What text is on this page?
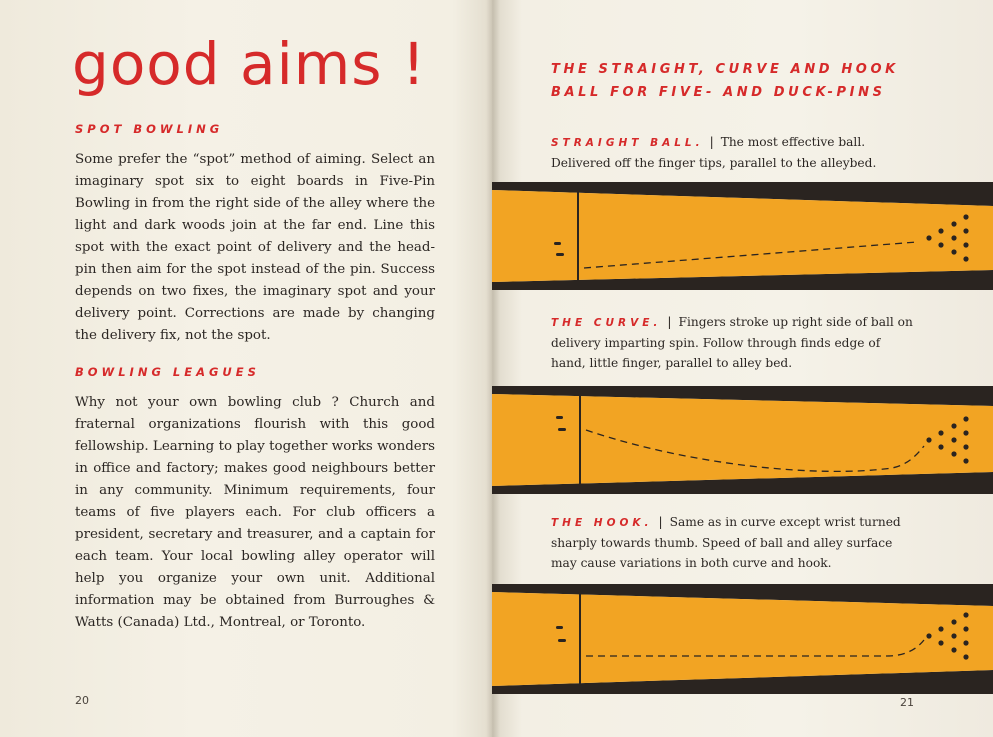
good aims !
SPOT BOWLING

Some prefer the “spot” method of aiming. Select an imaginary spot six to eight boards in Five-Pin Bowling in from the right side of the alley where the light and dark woods join at the far end. Line this spot with the exact point of delivery and the head-pin then aim for the spot instead of the pin. Success depends on two fixes, the imaginary spot and your delivery point. Corrections are made by changing the delivery fix, not the spot.

BOWLING LEAGUES

Why not your own bowling club ? Church and fraternal organizations flourish with this good fellowship. Learning to play together works wonders in office and factory; makes good neighbours better in any community. Minimum requirements, four teams of five players each. For club officers a president, secretary and treasurer, and a captain for each team. Your local bowling alley operator will help you organize your own unit. Additional information may be obtained from Burroughes & Watts (Canada) Ltd., Montreal, or Toronto.

20
THE STRAIGHT, CURVE AND HOOK
BALL FOR FIVE- AND DUCK-PINS

STRAIGHT BALL. | The most effective ball. Delivered off the finger tips, parallel to the alleybed.

THE CURVE. | Fingers stroke up right side of ball on delivery imparting spin. Follow through finds edge of hand, little finger, parallel to alley bed.

THE HOOK. | Same as in curve except wrist turned sharply towards thumb. Speed of ball and alley surface may cause variations in both curve and hook.

21
